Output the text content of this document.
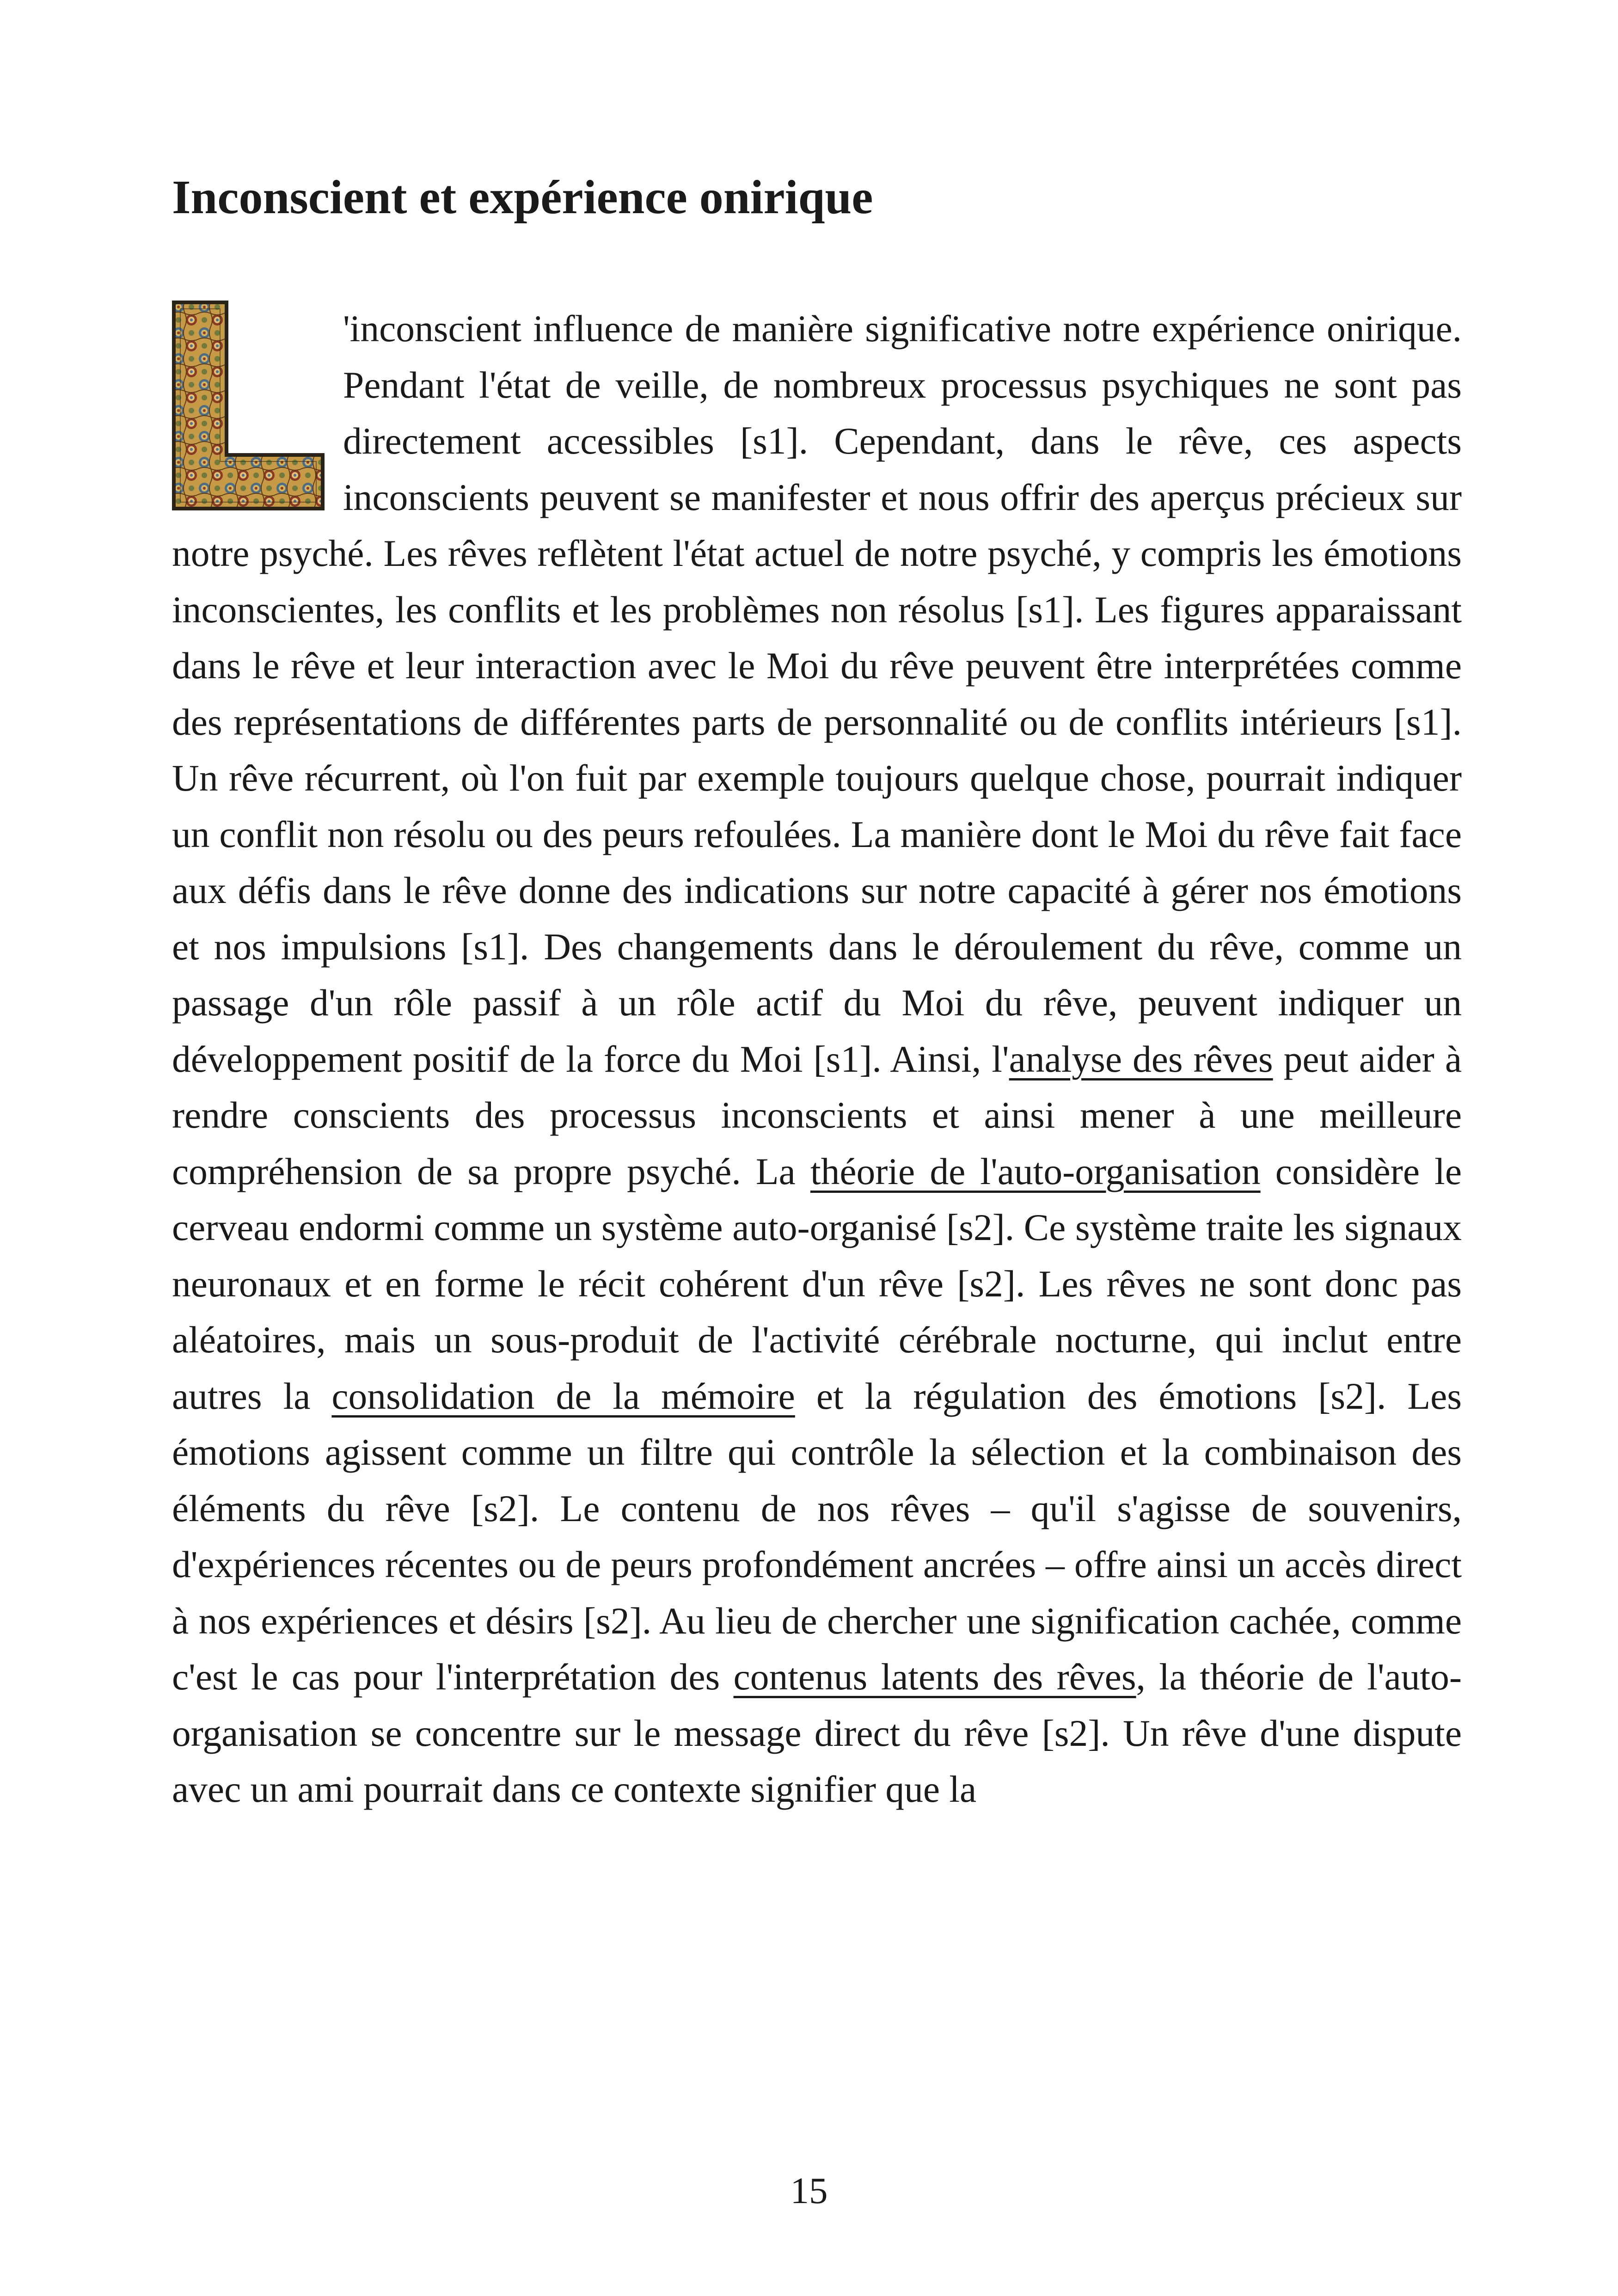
Inconscient et expérience onirique

'inconscient influence de manière significative notre expérience onirique. Pendant l'état de veille, de nombreux processus psychiques ne sont pas directement accessibles [s1]. Cependant, dans le rêve, ces aspects inconscients peuvent se manifester et nous offrir des aperçus précieux sur notre psyché. Les rêves reflètent l'état actuel de notre psyché, y compris les émotions inconscientes, les conflits et les problèmes non résolus [s1]. Les figures apparaissant dans le rêve et leur interaction avec le Moi du rêve peuvent être interprétées comme des représentations de différentes parts de personnalité ou de conflits intérieurs [s1]. Un rêve récurrent, où l'on fuit par exemple toujours quelque chose, pourrait indiquer un conflit non résolu ou des peurs refoulées. La manière dont le Moi du rêve fait face aux défis dans le rêve donne des indications sur notre capacité à gérer nos émotions et nos impulsions [s1]. Des changements dans le déroulement du rêve, comme un passage d'un rôle passif à un rôle actif du Moi du rêve, peuvent indiquer un développement positif de la force du Moi [s1]. Ainsi, l'analyse des rêves peut aider à rendre conscients des processus inconscients et ainsi mener à une meilleure compréhension de sa propre psyché. La théorie de l'auto-organisation considère le cerveau endormi comme un système auto-organisé [s2]. Ce système traite les signaux neuronaux et en forme le récit cohérent d'un rêve [s2]. Les rêves ne sont donc pas aléatoires, mais un sous-produit de l'activité cérébrale nocturne, qui inclut entre autres la consolidation de la mémoire et la régulation des émotions [s2]. Les émotions agissent comme un filtre qui contrôle la sélection et la combinaison des éléments du rêve [s2]. Le contenu de nos rêves – qu'il s'agisse de souvenirs, d'expériences récentes ou de peurs profondément ancrées – offre ainsi un accès direct à nos expériences et désirs [s2]. Au lieu de chercher une signification cachée, comme c'est le cas pour l'interprétation des contenus latents des rêves, la théorie de l'auto-organisation se concentre sur le message direct du rêve [s2]. Un rêve d'une dispute avec un ami pourrait dans ce contexte signifier que la

15
